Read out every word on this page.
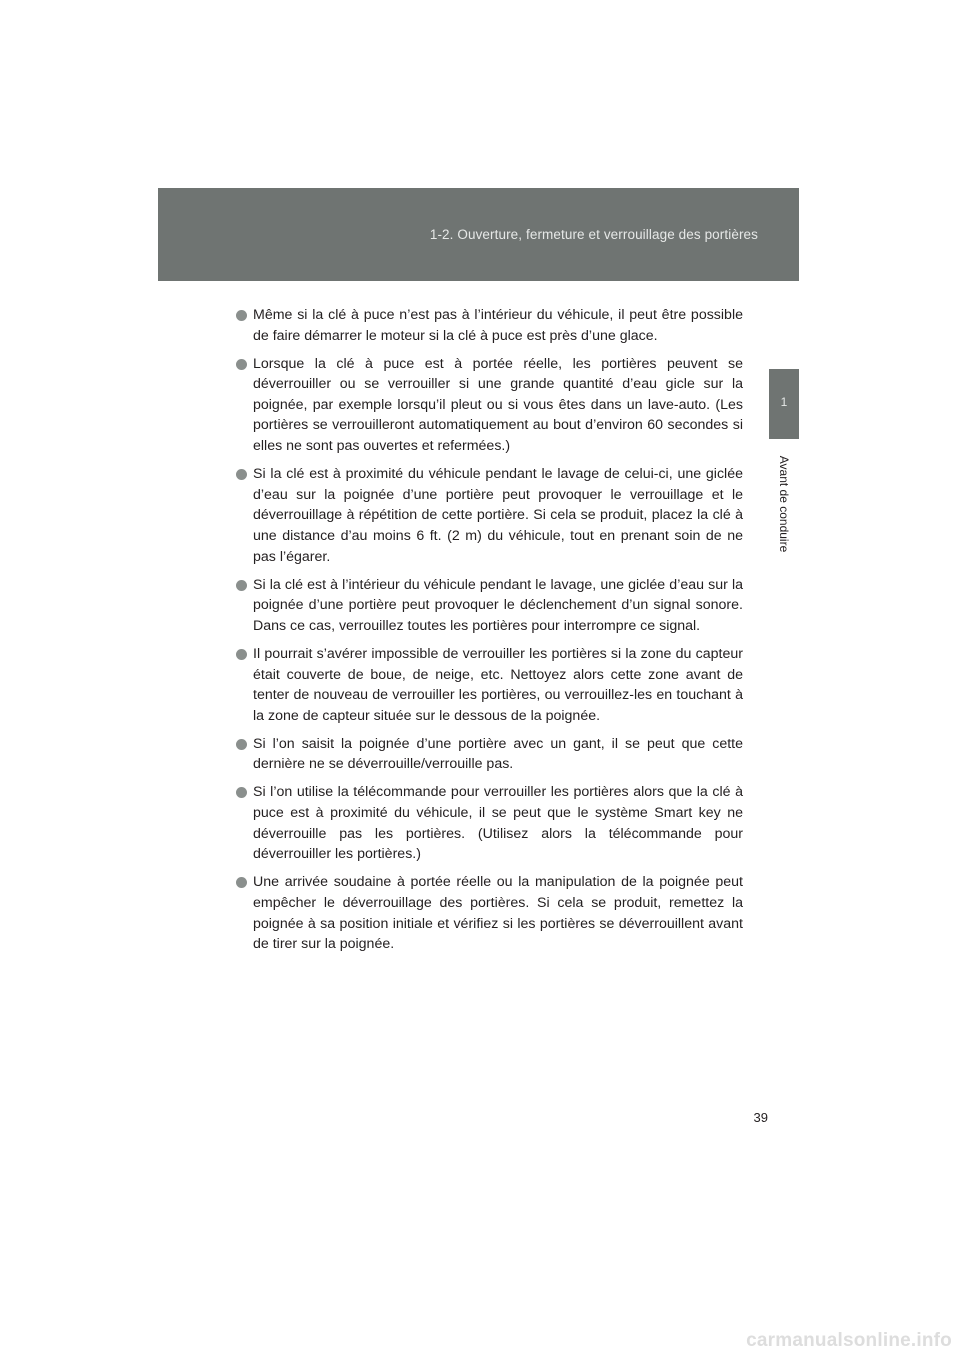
1-2. Ouverture, fermeture et verrouillage des portières
1
Avant de conduire
Même si la clé à puce n’est pas à l’intérieur du véhicule, il peut être possible de faire démarrer le moteur si la clé à puce est près d’une glace.
Lorsque la clé à puce est à portée réelle, les portières peuvent se déverrouiller ou se verrouiller si une grande quantité d’eau gicle sur la poignée, par exemple lorsqu’il pleut ou si vous êtes dans un lave-auto. (Les portières se verrouilleront automatiquement au bout d’environ 60 secondes si elles ne sont pas ouvertes et refermées.)
Si la clé est à proximité du véhicule pendant le lavage de celui-ci, une giclée d’eau sur la poignée d’une portière peut provoquer le verrouillage et le déverrouillage à répétition de cette portière. Si cela se produit, placez la clé à une distance d’au moins 6 ft. (2 m) du véhicule, tout en prenant soin de ne pas l’égarer.
Si la clé est à l’intérieur du véhicule pendant le lavage, une giclée d’eau sur la poignée d’une portière peut provoquer le déclenchement d’un signal sonore. Dans ce cas, verrouillez toutes les portières pour interrompre ce signal.
Il pourrait s’avérer impossible de verrouiller les portières si la zone du capteur était couverte de boue, de neige, etc. Nettoyez alors cette zone avant de tenter de nouveau de verrouiller les portières, ou verrouillez-les en touchant à la zone de capteur située sur le dessous de la poignée.
Si l’on saisit la poignée d’une portière avec un gant, il se peut que cette dernière ne se déverrouille/verrouille pas.
Si l’on utilise la télécommande pour verrouiller les portières alors que la clé à puce est à proximité du véhicule, il se peut que le système Smart key ne déverrouille pas les portières. (Utilisez alors la télécommande pour déverrouiller les portières.)
Une arrivée soudaine à portée réelle ou la manipulation de la poignée peut empêcher le déverrouillage des portières. Si cela se produit, remettez la poignée à sa position initiale et vérifiez si les portières se déverrouillent avant de tirer sur la poignée.
39
carmanualsonline.info
